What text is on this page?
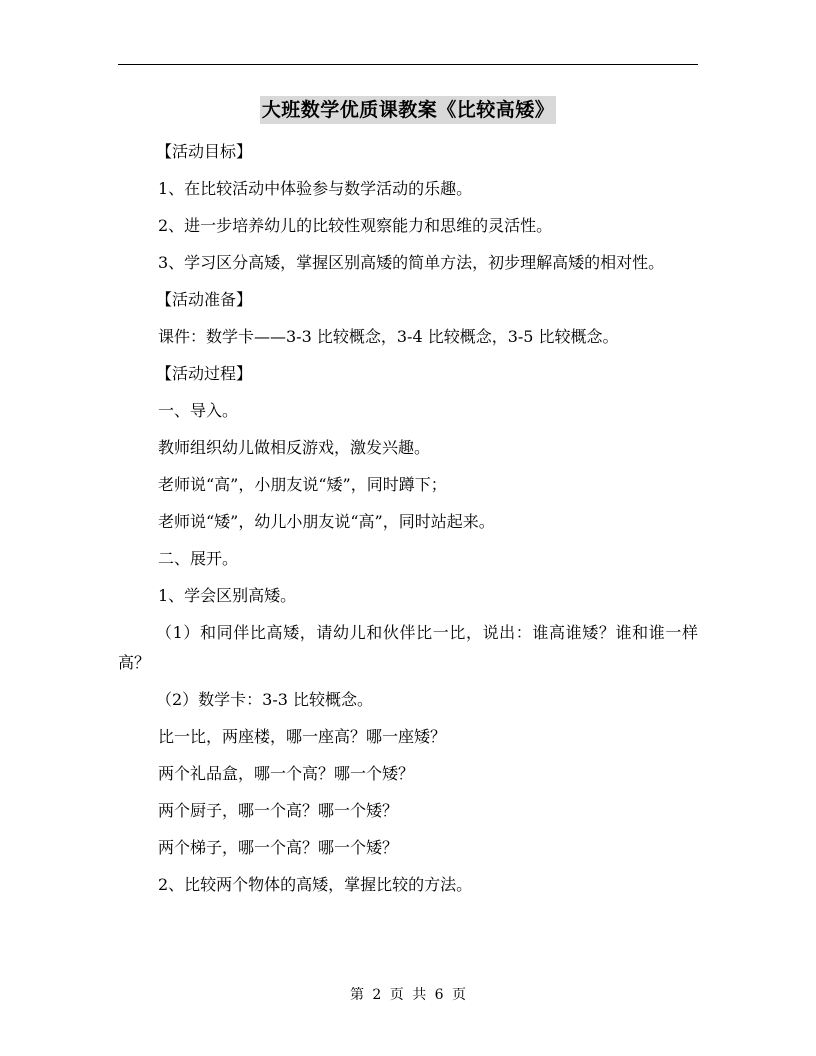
大班数学优质课教案《比较高矮》

【活动目标】

1、在比较活动中体验参与数学活动的乐趣。

2、进一步培养幼儿的比较性观察能力和思维的灵活性。

3、学习区分高矮，掌握区别高矮的简单方法，初步理解高矮的相对性。

【活动准备】

课件：数学卡——3-3 比较概念，3-4 比较概念，3-5 比较概念。

【活动过程】

一、导入。

教师组织幼儿做相反游戏，激发兴趣。

老师说“高”，小朋友说“矮”，同时蹲下；

老师说“矮”，幼儿小朋友说“高”，同时站起来。

二、展开。

1、学会区别高矮。

（1）和同伴比高矮，请幼儿和伙伴比一比，说出：谁高谁矮？谁和谁一样高？

（2）数学卡：3-3 比较概念。

比一比，两座楼，哪一座高？哪一座矮？

两个礼品盒，哪一个高？哪一个矮？

两个厨子，哪一个高？哪一个矮？

两个梯子，哪一个高？哪一个矮？

2、比较两个物体的高矮，掌握比较的方法。

第 2 页 共 6 页
